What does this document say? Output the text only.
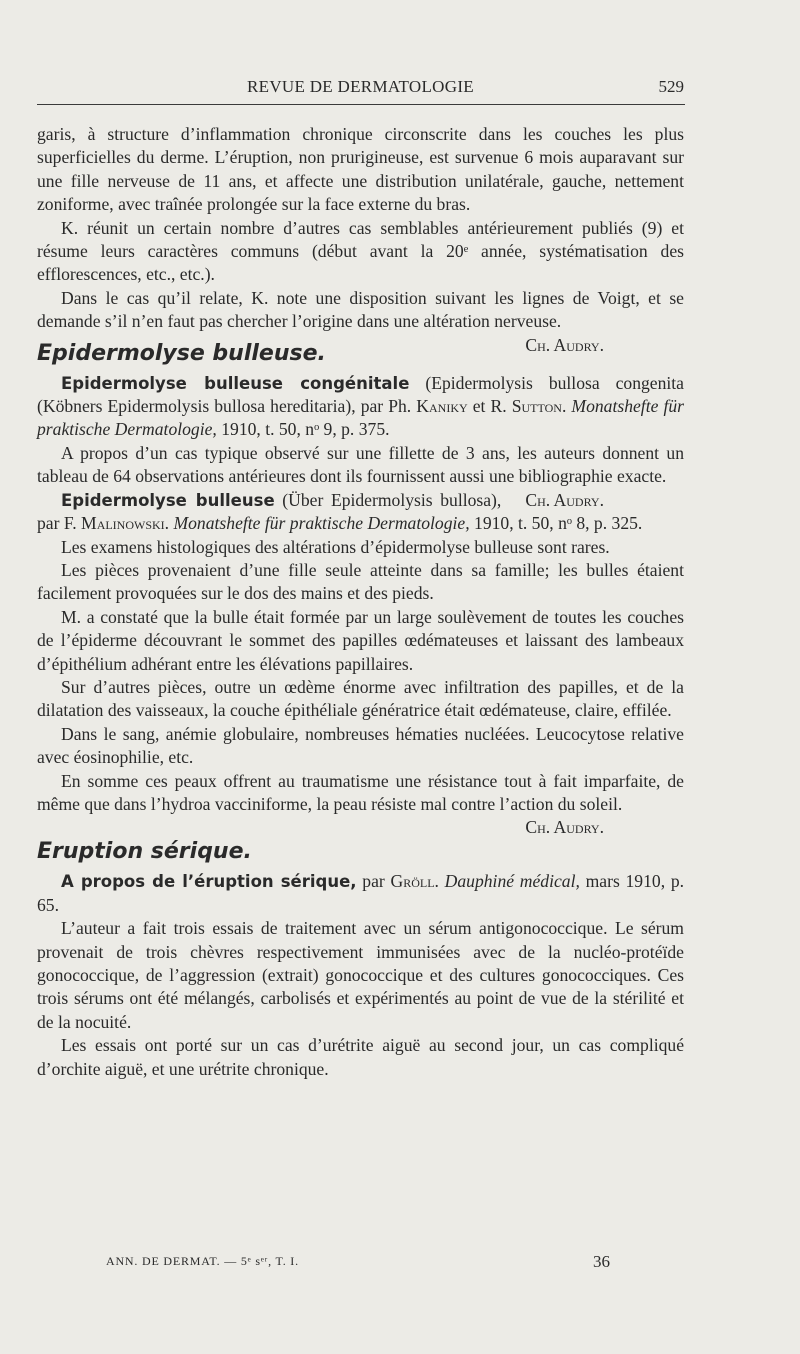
REVUE DE DERMATOLOGIE	529

garis, à structure d’inflammation chronique circonscrite dans les couches les plus superficielles du derme. L’éruption, non prurigineuse, est survenue 6 mois auparavant sur une fille nerveuse de 11 ans, et affecte une distribution unilatérale, gauche, nettement zoniforme, avec traînée prolongée sur la face externe du bras.

K. réunit un certain nombre d’autres cas semblables antérieurement publiés (9) et résume leurs caractères communs (début avant la 20ᵉ année, systématisation des efflorescences, etc., etc.).

Dans le cas qu’il relate, K. note une disposition suivant les lignes de Voigt, et se demande s’il n’en faut pas chercher l’origine dans une altération nerveuse.
Ch. Audry.

Epidermolyse bulleuse.

Epidermolyse bulleuse congénitale (Epidermolysis bullosa congenita (Köbners Epidermolysis bullosa hereditaria), par Ph. Kaniky et R. Sutton. Monatshefte für praktische Dermatologie, 1910, t. 50, nᵒ 9, p. 375.

A propos d’un cas typique observé sur une fillette de 3 ans, les auteurs donnent un tableau de 64 observations antérieures dont ils fournissent aussi une bibliographie exacte.
Ch. Audry.

Epidermolyse bulleuse (Über Epidermolysis bullosa), par F. Malinowski. Monatshefte für praktische Dermatologie, 1910, t. 50, nᵒ 8, p. 325.

Les examens histologiques des altérations d’épidermolyse bulleuse sont rares.

Les pièces provenaient d’une fille seule atteinte dans sa famille; les bulles étaient facilement provoquées sur le dos des mains et des pieds.

M. a constaté que la bulle était formée par un large soulèvement de toutes les couches de l’épiderme découvrant le sommet des papilles œdémateuses et laissant des lambeaux d’épithélium adhérant entre les élévations papillaires.

Sur d’autres pièces, outre un œdème énorme avec infiltration des papilles, et de la dilatation des vaisseaux, la couche épithéliale génératrice était œdémateuse, claire, effilée.

Dans le sang, anémie globulaire, nombreuses hématies nucléées. Leucocytose relative avec éosinophilie, etc.

En somme ces peaux offrent au traumatisme une résistance tout à fait imparfaite, de même que dans l’hydroa vacciniforme, la peau résiste mal contre l’action du soleil.
Ch. Audry.

Eruption sérique.

A propos de l’éruption sérique, par Gröll. Dauphiné médical, mars 1910, p. 65.

L’auteur a fait trois essais de traitement avec un sérum antigonococcique. Le sérum provenait de trois chèvres respectivement immunisées avec de la nucléo-protéïde gonococcique, de l’aggression (extrait) gonococcique et des cultures gonococciques. Ces trois sérums ont été mélangés, carbolisés et expérimentés au point de vue de la stérilité et de la nocuité.

Les essais ont porté sur un cas d’urétrite aiguë au second jour, un cas compliqué d’orchite aiguë, et une urétrite chronique.

ANN. DE DERMAT. — 5ᵉ sᵉʳ, T. I.	36
